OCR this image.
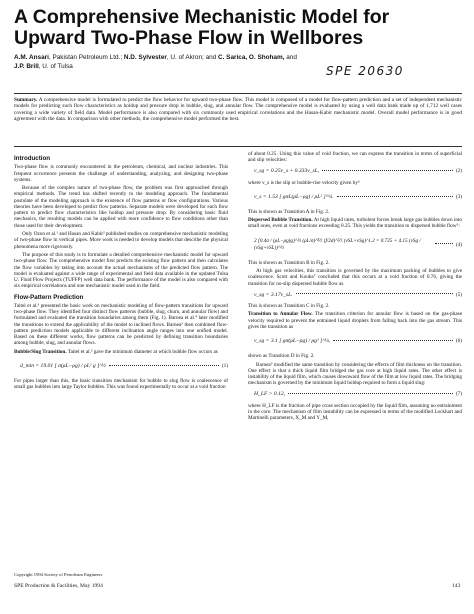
A Comprehensive Mechanistic Model for Upward Two-Phase Flow in Wellbores
A.M. Ansari, Pakistan Petroleum Ltd.; N.D. Sylvester, U. of Akron; and C. Sarica, O. Shoham, and
J.P. Brill, U. of Tulsa	SPE 20630

Summary. A comprehensive model is formulated to predict the flow behavior for upward two-phase flow. This model is composed of a model for flow-pattern prediction and a set of independent mechanistic models for predicting such flow characteristics as holdup and pressure drop in bubble, slug, and annular flow. The comprehensive model is evaluated by using a well data bank made up of 1,712 well cases covering a wide variety of field data. Model performance is also compared with six commonly used empirical correlations and the Hasan-Kabir mechanistic model. Overall model performance is in good agreement with the data. In comparison with other methods, the comprehensive model performed the best.

Introduction

Two-phase flow is commonly encountered in the petroleum, chemical, and nuclear industries. This frequent occurrence presents the challenge of understanding, analyzing, and designing two-phase systems.

Because of the complex nature of two-phase flow, the problem was first approached through empirical methods. The trend has shifted recently to the modeling approach. The fundamental postulate of the modeling approach is the existence of flow patterns or flow configurations. Various theories have been developed to predict flow patterns. Separate models were developed for each flow pattern to predict flow characteristics like holdup and pressure drop. By considering basic fluid mechanics, the resulting models can be applied with more confidence to flow conditions other than those used for their development.

Only Ozon et al.¹ and Hasan and Kabir² published studies on comprehensive mechanistic modeling of two-phase flow in vertical pipes. More work is needed to develop models that describe the physical phenomena more rigorously.

The purpose of this study is to formulate a detailed comprehensive mechanistic model for upward two-phase flow. The comprehensive model first predicts the existing flow pattern and then calculates the flow variables by taking into account the actual mechanisms of the predicted flow pattern. The model is evaluated against a wide range of experimental and field data available in the updated Tulsa U. Fluid Flow Projects (TUFFP) well data bank. The performance of the model is also compared with six empirical correlations and one mechanistic model used in the field.

Flow-Pattern Prediction

Taitel et al.³ presented the basic work on mechanistic modeling of flow-pattern transitions for upward two-phase flow. They identified four distinct flow patterns (bubble, slug, churn, and annular flow) and formulated and evaluated the transition boundaries among them (Fig. 1). Barnea et al.⁴ later modified the transitions to extend the applicability of the model to inclined flows. Barnea⁵ then combined flow-pattern prediction models applicable to different inclination angle ranges into one unified model. Based on these different works, flow patterns can be predicted by defining transition boundaries among bubble, slug, and annular flows.

Bubble/Slug Transition. Taitel et al.³ gave the minimum diameter at which bubble flow occurs as

d_min = 19.01 [ σ(ρL−ρg) / ρL² g ]^½	(1)

For pipes larger than this, the basic transition mechanism for bubble to slug flow is coalescence of small gas bubbles into large Taylor bubbles. This was found experimentally to occur at a void fraction

of about 0.25. Using this value of void fraction, we can express the transition in terms of superficial and slip velocities:

v_sg = 0.25v_s + 0.333v_sL,	(2)

where v_s is the slip or bubble-rise velocity given by⁶

v_s = 1.53 [ gσL(ρL−ρg) / ρL² ]^¼.	(3)

This is shown as Transition A in Fig. 2.

Dispersed Bubble Transition. At high liquid rates, turbulent forces break large gas bubbles down into small ones, even at void fractions exceeding 0.25. This yields the transition to dispersed bubble flow⁵:

2 [0.4σ / (ρL−ρg)g]^½ (ρL/σ)^⅗ (f/2d)^⅖ (vSL+vSg)^1.2 = 0.725 + 4.15 (vSg / (vSg+vSL))^½
(4)

This is shown as Transition B in Fig. 2.

At high gas velocities, this transition is governed by the maximum packing of bubbles to give coalescence. Scott and Kouba⁷ concluded that this occurs at a void fraction of 0.76, giving the transition for no-slip dispersed bubble flow as

v_sg = 3.17v_sL.	(5)

This is shown as Transition C in Fig. 2.

Transition to Annular Flow. The transition criterion for annular flow is based on the gas-phase velocity required to prevent the entrained liquid droplets from falling back into the gas stream. This gives the transition as

v_sg = 3.1 [ gσ(ρL−ρg) / ρg² ]^¼,	(6)

shown as Transition D in Fig. 2.

Barnea⁵ modified the same transition by considering the effects of film thickness on the transition. One effect is that a thick liquid film bridged the gas core at high liquid rates. The other effect is instability of the liquid film, which causes downward flow of the film at low liquid rates. The bridging mechanism is governed by the minimum liquid holdup required to form a liquid slug:

H_LF > 0.12,	(7)

where H_LF is the fraction of pipe cross section occupied by the liquid film, assuming no entrainment in the core. The mechanism of film instability can be expressed in terms of the modified Lockhart and Martinelli parameters, X_M and Y_M,

Copyright 1994 Society of Petroleum Engineers
SPE Production & Facilities, May 1994	143
